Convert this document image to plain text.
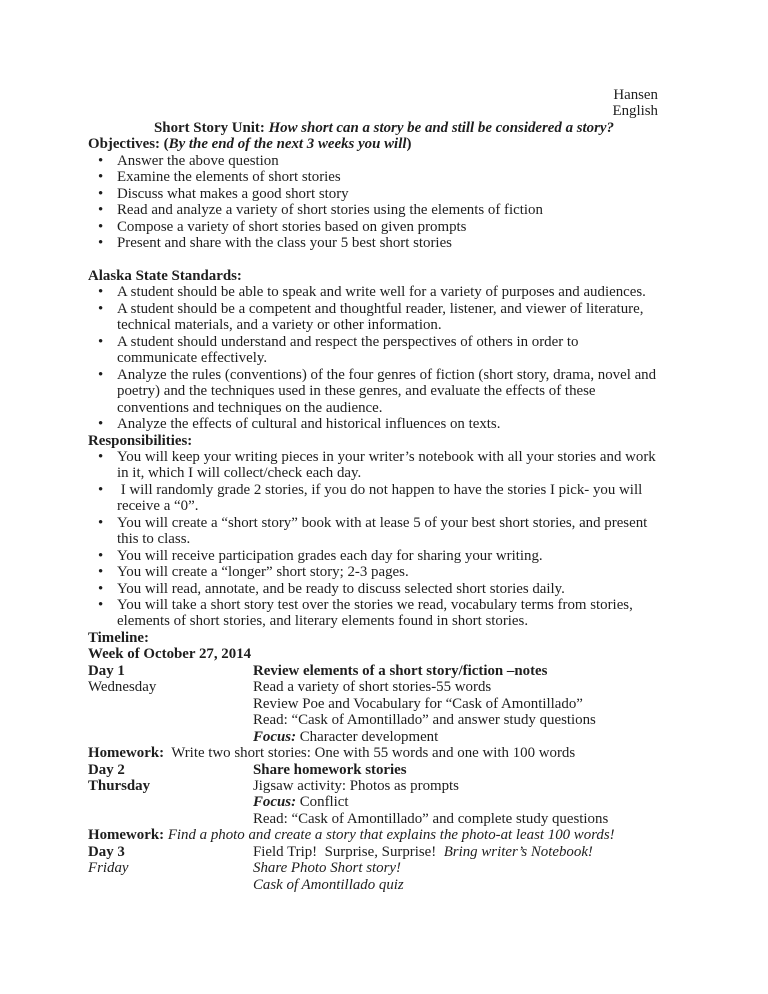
Hansen
English
Short Story Unit: How short can a story be and still be considered a story?
Objectives: (By the end of the next 3 weeks you will)
• Answer the above question
• Examine the elements of short stories
• Discuss what makes a good short story
• Read and analyze a variety of short stories using the elements of fiction
• Compose a variety of short stories based on given prompts
• Present and share with the class your 5 best short stories
Alaska State Standards:
• A student should be able to speak and write well for a variety of purposes and audiences.
• A student should be a competent and thoughtful reader, listener, and viewer of literature, technical materials, and a variety or other information.
• A student should understand and respect the perspectives of others in order to communicate effectively.
• Analyze the rules (conventions) of the four genres of fiction (short story, drama, novel and poetry) and the techniques used in these genres, and evaluate the effects of these conventions and techniques on the audience.
• Analyze the effects of cultural and historical influences on texts.
Responsibilities:
• You will keep your writing pieces in your writer’s notebook with all your stories and work in it, which I will collect/check each day.
• I will randomly grade 2 stories, if you do not happen to have the stories I pick- you will receive a “0”.
• You will create a “short story” book with at lease 5 of your best short stories, and present this to class.
• You will receive participation grades each day for sharing your writing.
• You will create a “longer” short story; 2-3 pages.
• You will read, annotate, and be ready to discuss selected short stories daily.
• You will take a short story test over the stories we read, vocabulary terms from stories, elements of short stories, and literary elements found in short stories.
Timeline:
Week of October 27, 2014
Day 1
Wednesday
Review elements of a short story/fiction –notes
Read a variety of short stories-55 words
Review Poe and Vocabulary for “Cask of Amontillado”
Read: “Cask of Amontillado” and answer study questions
Focus: Character development
Homework:  Write two short stories: One with 55 words and one with 100 words
Day 2
Thursday
Share homework stories
Jigsaw activity: Photos as prompts
Focus: Conflict
Read: “Cask of Amontillado” and complete study questions
Homework: Find a photo and create a story that explains the photo-at least 100 words!
Day 3
Friday
Field Trip!  Surprise, Surprise!  Bring writer’s Notebook!
Share Photo Short story!
Cask of Amontillado quiz
